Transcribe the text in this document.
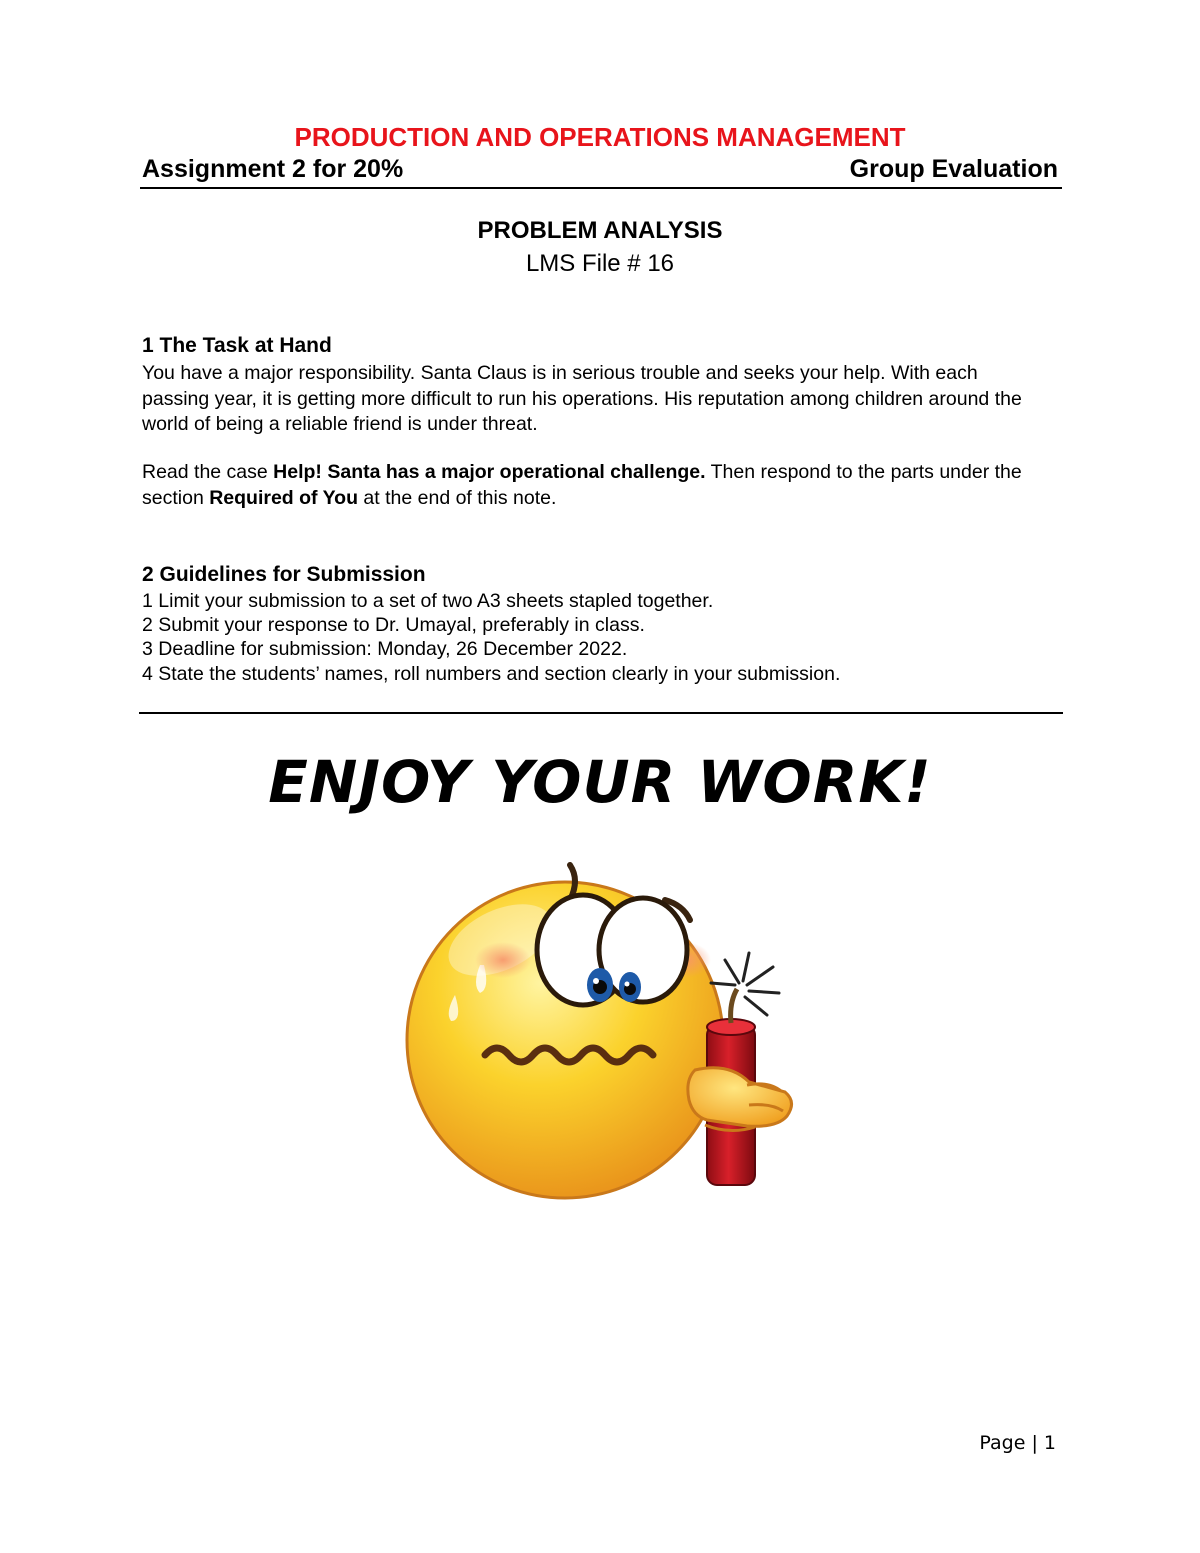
PRODUCTION AND OPERATIONS MANAGEMENT
Assignment 2 for 20%	Group Evaluation
PROBLEM ANALYSIS

LMS File # 16

1 The Task at Hand

You have a major responsibility. Santa Claus is in serious trouble and seeks your help. With each passing year, it is getting more difficult to run his operations. His reputation among children around the world of being a reliable friend is under threat.

Read the case Help! Santa has a major operational challenge. Then respond to the parts under the section Required of You at the end of this note.

2 Guidelines for Submission

1 Limit your submission to a set of two A3 sheets stapled together.

2 Submit your response to Dr. Umayal, preferably in class.

3 Deadline for submission: Monday, 26 December 2022.

4 State the students’ names, roll numbers and section clearly in your submission.

ENJOY YOUR WORK!

Page | 1
